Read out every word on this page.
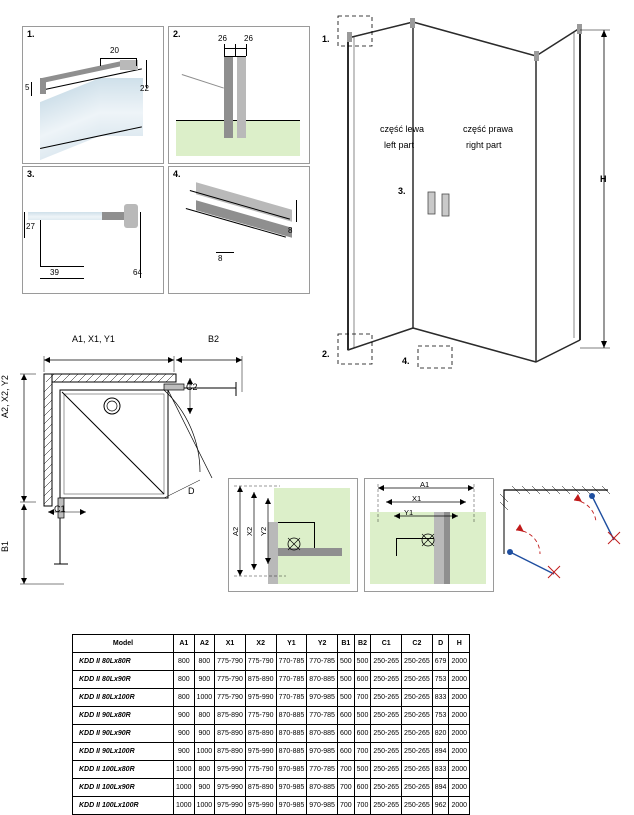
1.
20
5	22
2.	26 26
3.
27
39	64
4.
8
8
1.
2.
3.
4.
część lewa
left part
część prawa
right part
H
A1, X1, Y1	B2
A2, X2, Y2
B1
C1
C2
D
A2 X2 Y2
A1
X1
Y1
Model	A1	A2	X1	X2	Y1	Y2	B1	B2	C1	C2	D	H
KDD II 80Lx80R	800	800	775-790	775-790	770-785	770-785	500	500	250-265	250-265	679	2000
KDD II 80Lx90R	800	900	775-790	875-890	770-785	870-885	500	600	250-265	250-265	753	2000
KDD II 80Lx100R	800	1000	775-790	975-990	770-785	970-985	500	700	250-265	250-265	833	2000
KDD II 90Lx80R	900	800	875-890	775-790	870-885	770-785	600	500	250-265	250-265	753	2000
KDD II 90Lx90R	900	900	875-890	875-890	870-885	870-885	600	600	250-265	250-265	820	2000
KDD II 90Lx100R	900	1000	875-890	975-990	870-885	970-985	600	700	250-265	250-265	894	2000
KDD II 100Lx80R	1000	800	975-990	775-790	970-985	770-785	700	500	250-265	250-265	833	2000
KDD II 100Lx90R	1000	900	975-990	875-890	970-985	870-885	700	600	250-265	250-265	894	2000
KDD II 100Lx100R	1000	1000	975-990	975-990	970-985	970-985	700	700	250-265	250-265	962	2000
